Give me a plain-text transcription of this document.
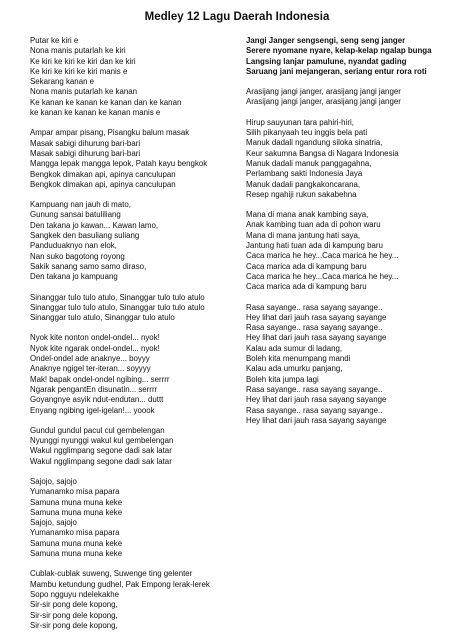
Medley 12 Lagu Daerah Indonesia
Putar ke kiri e
Nona manis putarlah ke kiri
Ke kiri ke kiri ke kiri dan ke kiri
Ke kiri ke kiri ke kiri manis e
Sekarang kanan e
Nona manis putarlah ke kanan
Ke kanan ke kanan ke kanan dan ke kanan
ke kanan ke kanan ke kanan manis e
Ampar ampar pisang, Pisangku balum masak
Masak sabigi dihurung bari-bari
Masak sabigi dihurung bari-bari
Mangga lepak mangga lepok, Patah kayu bengkok
Bengkok dimakan api, apinya canculupan
Bengkok dimakan api, apinya canculupan
Kampuang nan jauh di mato,
Gunung sansai batuliliang
Den takana jo kawan... Kawan lamo,
Sangkek den basuliang suliang
Panduduaknyo nan elok,
Nan suko bagotong royong
Sakik sanang samo samo diraso,
Den takana jo kampuang
Sinanggar tulo tulo atulo, Sinanggar tulo tulo atulo
Sinanggar tulo tulo atulo, Sinanggar tulo tulo atulo
Sinanggar tulo atulo, Sinanggar tulo atulo
Nyok kite nonton ondel-ondel... nyok!
Nyok kite ngarak ondel-ondel... nyok!
Ondel-ondel ade anaknye... boyyy
Anaknye ngigel ter-iteran... soyyyy
Mak! bapak ondel-ondel ngibing... serrrr
Ngarak pengantEn disunatin... serrrr
Goyangnye asyik ndut-endutan... duttt
Enyang ngibing igel-igelan!... yoook
Gundul gundul pacul cul gembelengan
Nyunggi nyunggi wakul kul gembelengan
Wakul ngglimpang segone dadi sak latar
Wakul ngglimpang segone dadi sak latar
Sajojo, sajojo
Yumanamko misa papara
Samuna muna muna keke
Samuna muna muna keke
Sajojo, sajojo
Yumanamko misa papara
Samuna muna muna keke
Samuna muna muna keke
Cublak-cublak suweng, Suwenge ting gelenter
Mambu ketundung gudhel, Pak Empong lerak-lerek
Sopo ngguyu ndelekakhe
Sir-sir pong dele kopong,
Sir-sir pong dele kopong,
Sir-sir pong dele kopong,
Jangi Janger sengsengi, seng seng janger
Serere nyomane nyare, kelap-kelap ngalap bunga
Langsing lanjar pamulune, nyandat gading
Saruang jani mejangeran, seriang entur rora roti
Arasijang jangi janger, arasijang jangi janger
Arasijang jangi janger, arasijang jangi janger
Hirup sauyunan tara pahiri-hiri,
Silih pikanyaah teu inggis bela pati
Manuk dadali ngandung siloka sinatria,
Keur sakumna Bangsa di Nagara Indonesia
Manuk dadali manuk panggagahna,
Perlambang sakti Indonesia Jaya
Manuk dadali pangkakoncarana,
Resep ngahiji rukun sakabehna
Mana di mana anak kambing saya,
Anak kambing tuan ada di pohon waru
Mana di mana jantung hati saya,
Jantung hati tuan ada di kampung baru
Caca marica he hey...Caca marica he hey...
Caca marica ada di kampung baru
Caca marica he hey...Caca marica he hey...
Caca marica ada di kampung baru
Rasa sayange.. rasa sayang sayange..
Hey lihat dari jauh rasa sayang sayange
Rasa sayange.. rasa sayang sayange..
Hey lihat dari jauh rasa sayang sayange
Kalau ada sumur di ladang,
Boleh kita menumpang mandi
Kalau ada umurku panjang,
Boleh kita jumpa lagi
Rasa sayange.. rasa sayang sayange..
Hey lihat dari jauh rasa sayang sayange
Rasa sayange.. rasa sayang sayange..
Hey lihat dari jauh rasa sayang sayange
